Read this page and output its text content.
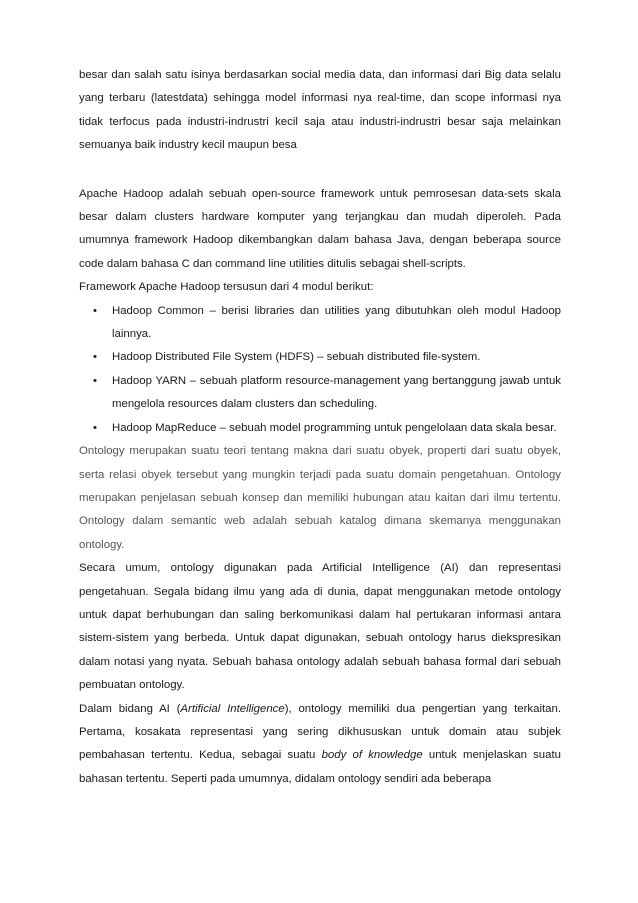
besar dan salah satu isinya berdasarkan social media data, dan informasi dari Big data selalu yang terbaru (latestdata) sehingga model informasi nya real-time, dan scope informasi nya tidak terfocus pada industri-indrustri kecil saja atau industri-indrustri besar saja melainkan semuanya baik industry kecil maupun besa

Apache Hadoop adalah sebuah open-source framework untuk pemrosesan data-sets skala besar dalam clusters hardware komputer yang terjangkau dan mudah diperoleh. Pada umumnya framework Hadoop dikembangkan dalam bahasa Java, dengan beberapa source code dalam bahasa C dan command line utilities ditulis sebagai shell-scripts.

Framework Apache Hadoop tersusun dari 4 modul berikut:

• Hadoop Common – berisi libraries dan utilities yang dibutuhkan oleh modul Hadoop lainnya.
• Hadoop Distributed File System (HDFS) – sebuah distributed file-system.
• Hadoop YARN – sebuah platform resource-management yang bertanggung jawab untuk mengelola resources dalam clusters dan scheduling.
• Hadoop MapReduce – sebuah model programming untuk pengelolaan data skala besar.

Ontology merupakan suatu teori tentang makna dari suatu obyek, properti dari suatu obyek, serta relasi obyek tersebut yang mungkin terjadi pada suatu domain pengetahuan. Ontology merupakan penjelasan sebuah konsep dan memiliki hubungan atau kaitan dari ilmu tertentu. Ontology dalam semantic web adalah sebuah katalog dimana skemanya menggunakan ontology.

Secara umum, ontology digunakan pada Artificial Intelligence (AI) dan representasi pengetahuan. Segala bidang ilmu yang ada di dunia, dapat menggunakan metode ontology untuk dapat berhubungan dan saling berkomunikasi dalam hal pertukaran informasi antara sistem-sistem yang berbeda. Untuk dapat digunakan, sebuah ontology harus diekspresikan dalam notasi yang nyata. Sebuah bahasa ontology adalah sebuah bahasa formal dari sebuah pembuatan ontology.

Dalam bidang AI (Artificial Intelligence), ontology memiliki dua pengertian yang terkaitan. Pertama, kosakata representasi yang sering dikhususkan untuk domain atau subjek pembahasan tertentu. Kedua, sebagai suatu body of knowledge untuk menjelaskan suatu bahasan tertentu. Seperti pada umumnya, didalam ontology sendiri ada beberapa
